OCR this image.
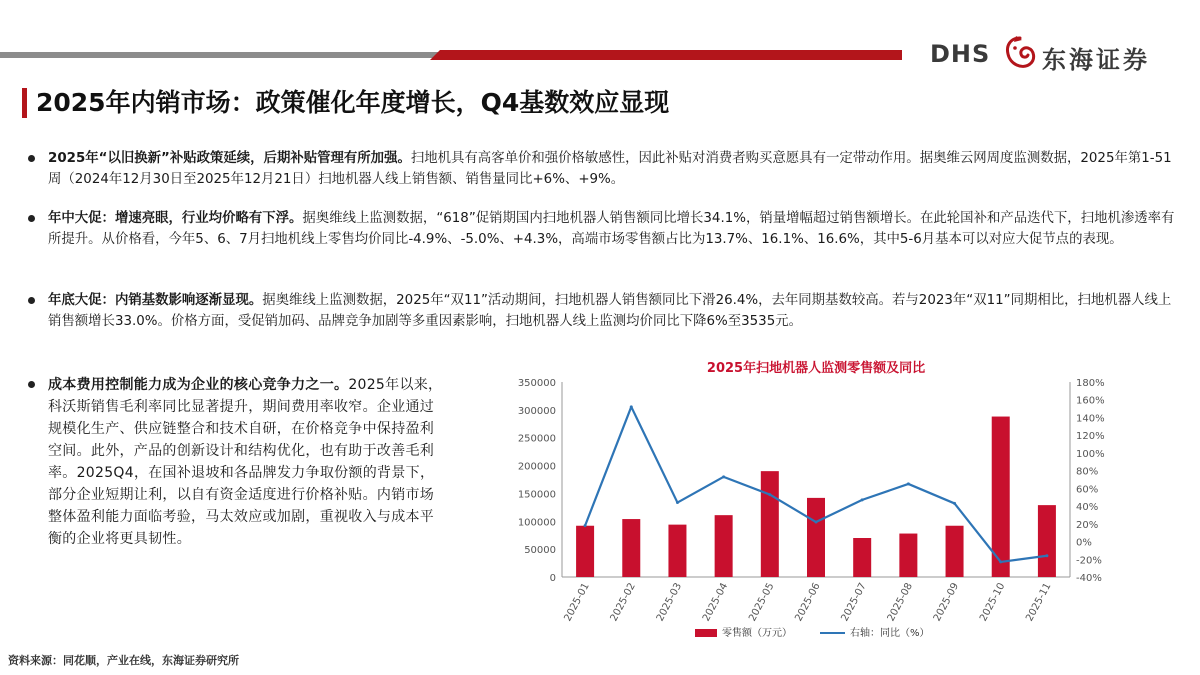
DHS 东海证券
2025年内销市场：政策催化年度增长，Q4基数效应显现
2025年“以旧换新”补贴政策延续，后期补贴管理有所加强。扫地机具有高客单价和强价格敏感性，因此补贴对消费者购买意愿具有一定带动作用。据奥维云网周度监测数据，2025年第1-51周（2024年12月30日至2025年12月21日）扫地机器人线上销售额、销售量同比+6%、+9%。
年中大促：增速亮眼，行业均价略有下浮。据奥维线上监测数据，“618”促销期国内扫地机器人销售额同比增长34.1%，销量增幅超过销售额增长。在此轮国补和产品迭代下，扫地机渗透率有所提升。从价格看，今年5、6、7月扫地机线上零售均价同比-4.9%、-5.0%、+4.3%，高端市场零售额占比为13.7%、16.1%、16.6%，其中5-6月基本可以对应大促节点的表现。
年底大促：内销基数影响逐渐显现。据奥维线上监测数据，2025年“双11”活动期间，扫地机器人销售额同比下滑26.4%，去年同期基数较高。若与2023年“双11”同期相比，扫地机器人线上销售额增长33.0%。价格方面，受促销加码、品牌竞争加剧等多重因素影响，扫地机器人线上监测均价同比下降6%至3535元。
成本费用控制能力成为企业的核心竞争力之一。2025年以来，科沃斯销售毛利率同比显著提升，期间费用率收窄。企业通过规模化生产、供应链整合和技术自研，在价格竞争中保持盈利空间。此外，产品的创新设计和结构优化，也有助于改善毛利率。2025Q4，在国补退坡和各品牌发力争取份额的背景下，部分企业短期让利，以自有资金适度进行价格补贴。内销市场整体盈利能力面临考验，马太效应或加剧，重视收入与成本平衡的企业将更具韧性。
2025年扫地机器人监测零售额及同比
0
50000
100000
150000
200000
250000
300000
350000
-40%
-20%
0%
20%
40%
60%
80%
100%
120%
140%
160%
180%
2025-01 2025-02 2025-03 2025-04 2025-05 2025-06 2025-07 2025-08 2025-09 2025-10 2025-11
零售额（万元）	右轴：同比（%）
资料来源：同花顺，产业在线，东海证券研究所
